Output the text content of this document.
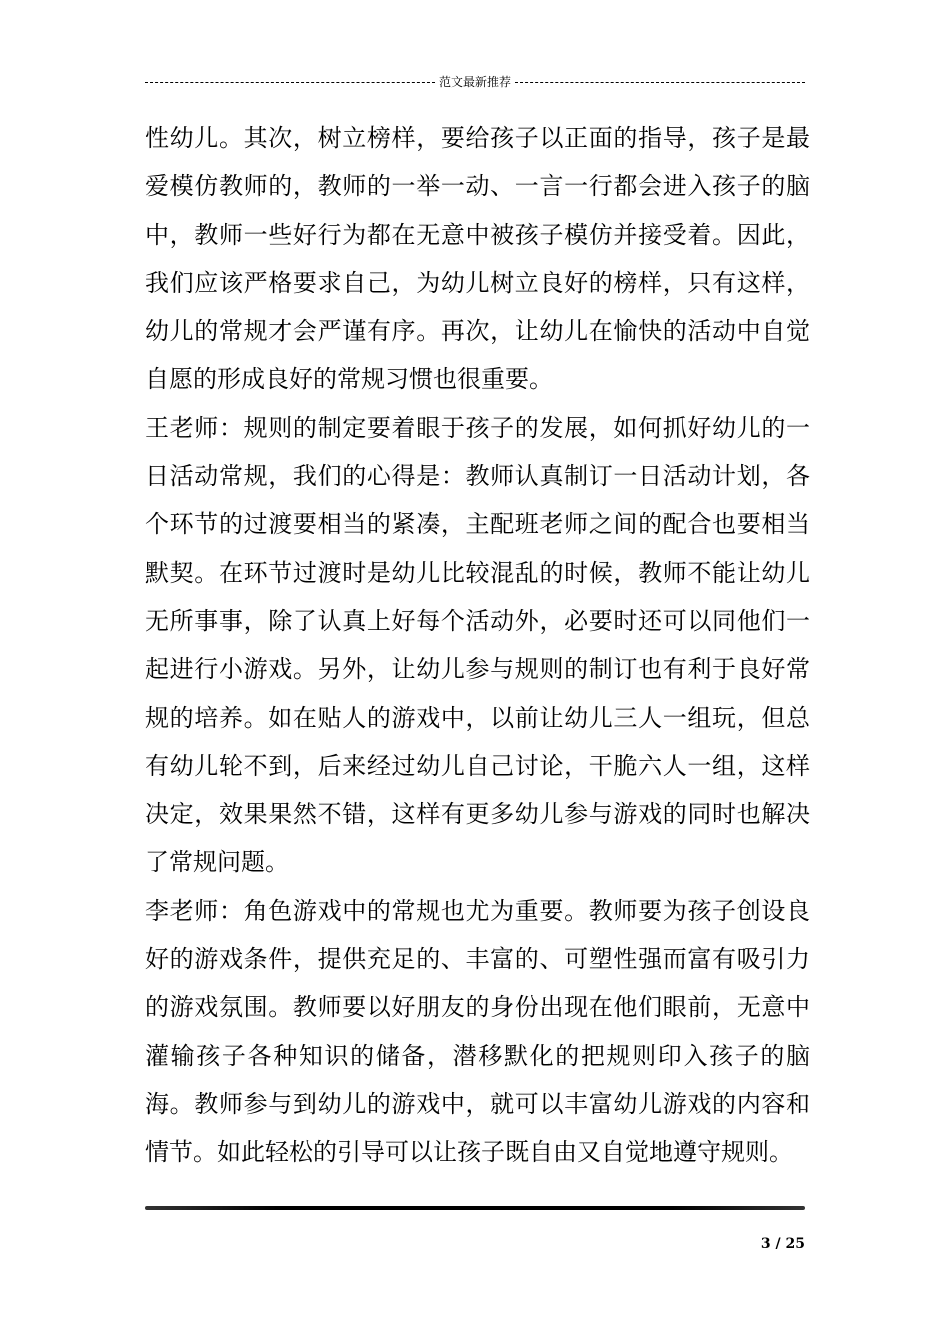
范文最新推荐

性幼儿。其次，树立榜样，要给孩子以正面的指导，孩子是最爱模仿教师的，教师的一举一动、一言一行都会进入孩子的脑中，教师一些好行为都在无意中被孩子模仿并接受着。因此，我们应该严格要求自己，为幼儿树立良好的榜样，只有这样，幼儿的常规才会严谨有序。再次，让幼儿在愉快的活动中自觉自愿的形成良好的常规习惯也很重要。

王老师：规则的制定要着眼于孩子的发展，如何抓好幼儿的一日活动常规，我们的心得是：教师认真制订一日活动计划，各个环节的过渡要相当的紧凑，主配班老师之间的配合也要相当默契。在环节过渡时是幼儿比较混乱的时候，教师不能让幼儿无所事事，除了认真上好每个活动外，必要时还可以同他们一起进行小游戏。另外，让幼儿参与规则的制订也有利于良好常规的培养。如在贴人的游戏中，以前让幼儿三人一组玩，但总有幼儿轮不到，后来经过幼儿自己讨论，干脆六人一组，这样决定，效果果然不错，这样有更多幼儿参与游戏的同时也解决了常规问题。

李老师：角色游戏中的常规也尤为重要。教师要为孩子创设良好的游戏条件，提供充足的、丰富的、可塑性强而富有吸引力的游戏氛围。教师要以好朋友的身份出现在他们眼前，无意中灌输孩子各种知识的储备，潜移默化的把规则印入孩子的脑海。教师参与到幼儿的游戏中，就可以丰富幼儿游戏的内容和情节。如此轻松的引导可以让孩子既自由又自觉地遵守规则。

3 / 25
